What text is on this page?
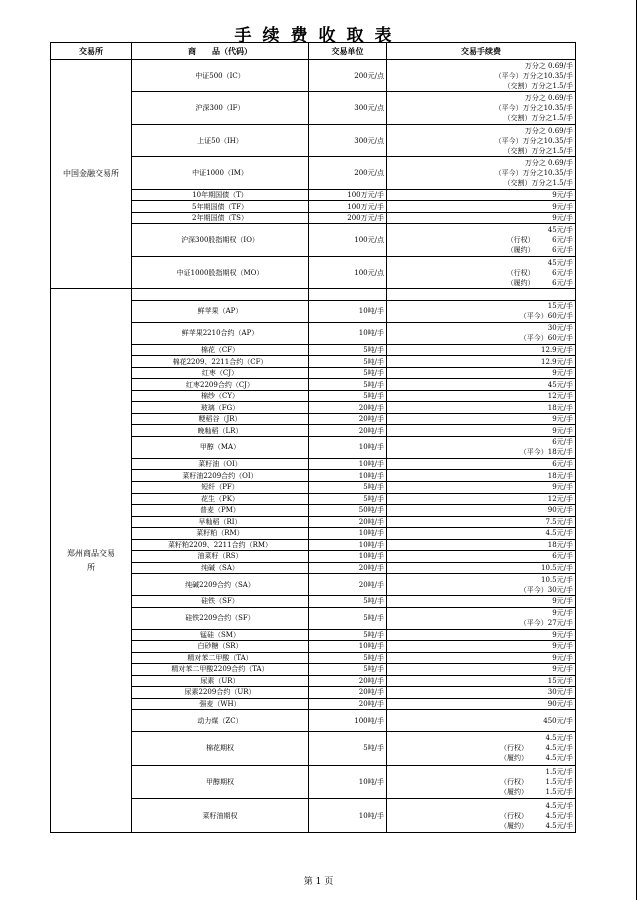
手续费收取表
交易所	商　　品（代码）	交易单位	交易手续费
中国金融交易所	中证500（IC）	200元/点	万分之 0.69/手
（平今）万分之10.35/手
（交割）万分之1.5/手

	沪深300（IF）	300元/点	万分之 0.69/手
（平今）万分之10.35/手
（交割）万分之1.5/手

	上证50（IH）	300元/点	万分之 0.69/手
（平今）万分之10.35/手
（交割）万分之1.5/手

	中证1000（IM）	200元/点	万分之 0.69/手
（平今）万分之10.35/手
（交割）万分之1.5/手

	10年期国债（T）	100万元/手	9元/手

	5年期国债（TF）	100万元/手	9元/手

	2年期国债（TS）	200万元/手	9元/手

	沪深300股指期权（IO）	100元/点	45元/手
（行权）　　　6元/手
（履约）　　　6元/手

	中证1000股指期权（MO）	100元/点	45元/手
（行权）　　　6元/手
（履约）　　　6元/手

郑州商品交易所			

	鲜苹果（AP）	10吨/手	15元/手
（平今）60元/手

	鲜苹果2210合约（AP）	10吨/手	30元/手
（平今）60元/手

	棉花（CF）	5吨/手	12.9元/手

	棉花2209、2211合约（CF）	5吨/手	12.9元/手

	红枣（CJ）	5吨/手	9元/手

	红枣2209合约（CJ）	5吨/手	45元/手

	棉纱（CY）	5吨/手	12元/手

	玻璃（FG）	20吨/手	18元/手

	粳稻谷（JR）	20吨/手	9元/手

	晚籼稻（LR）	20吨/手	9元/手

	甲醇（MA）	10吨/手	6元/手
（平今）18元/手

	菜籽油（OI）	10吨/手	6元/手

	菜籽油2209合约（OI）	10吨/手	18元/手

	短纤（PF）	5吨/手	9元/手

	花生（PK）	5吨/手	12元/手

	普麦（PM）	50吨/手	90元/手

	早籼稻（RI）	20吨/手	7.5元/手

	菜籽粕（RM）	10吨/手	4.5元/手

	菜籽粕2209、2211合约（RM）	10吨/手	18元/手

	油菜籽（RS）	10吨/手	6元/手

	纯碱（SA）	20吨/手	10.5元/手

	纯碱2209合约（SA）	20吨/手	10.5元/手
（平今）30元/手

	硅铁（SF）	5吨/手	9元/手

	硅铁2209合约（SF）	5吨/手	9元/手
（平今）27元/手

	锰硅（SM）	5吨/手	9元/手

	白砂糖（SR）	10吨/手	9元/手

	精对苯二甲酸（TA）	5吨/手	9元/手

	精对苯二甲酸2209合约（TA）	5吨/手	9元/手

	尿素（UR）	20吨/手	15元/手

	尿素2209合约（UR）	20吨/手	30元/手

	强麦（WH）	20吨/手	90元/手

	动力煤（ZC）	100吨/手	450元/手

	棉花期权	5吨/手	4.5元/手
（行权）　　　4.5元/手
（履约）　　　4.5元/手

	甲醇期权	10吨/手	1.5元/手
（行权）　　　1.5元/手
（履约）　　　1.5元/手

	菜籽油期权	10吨/手	4.5元/手
（行权）　　　4.5元/手
（履约）　　　4.5元/手
第 1 页
